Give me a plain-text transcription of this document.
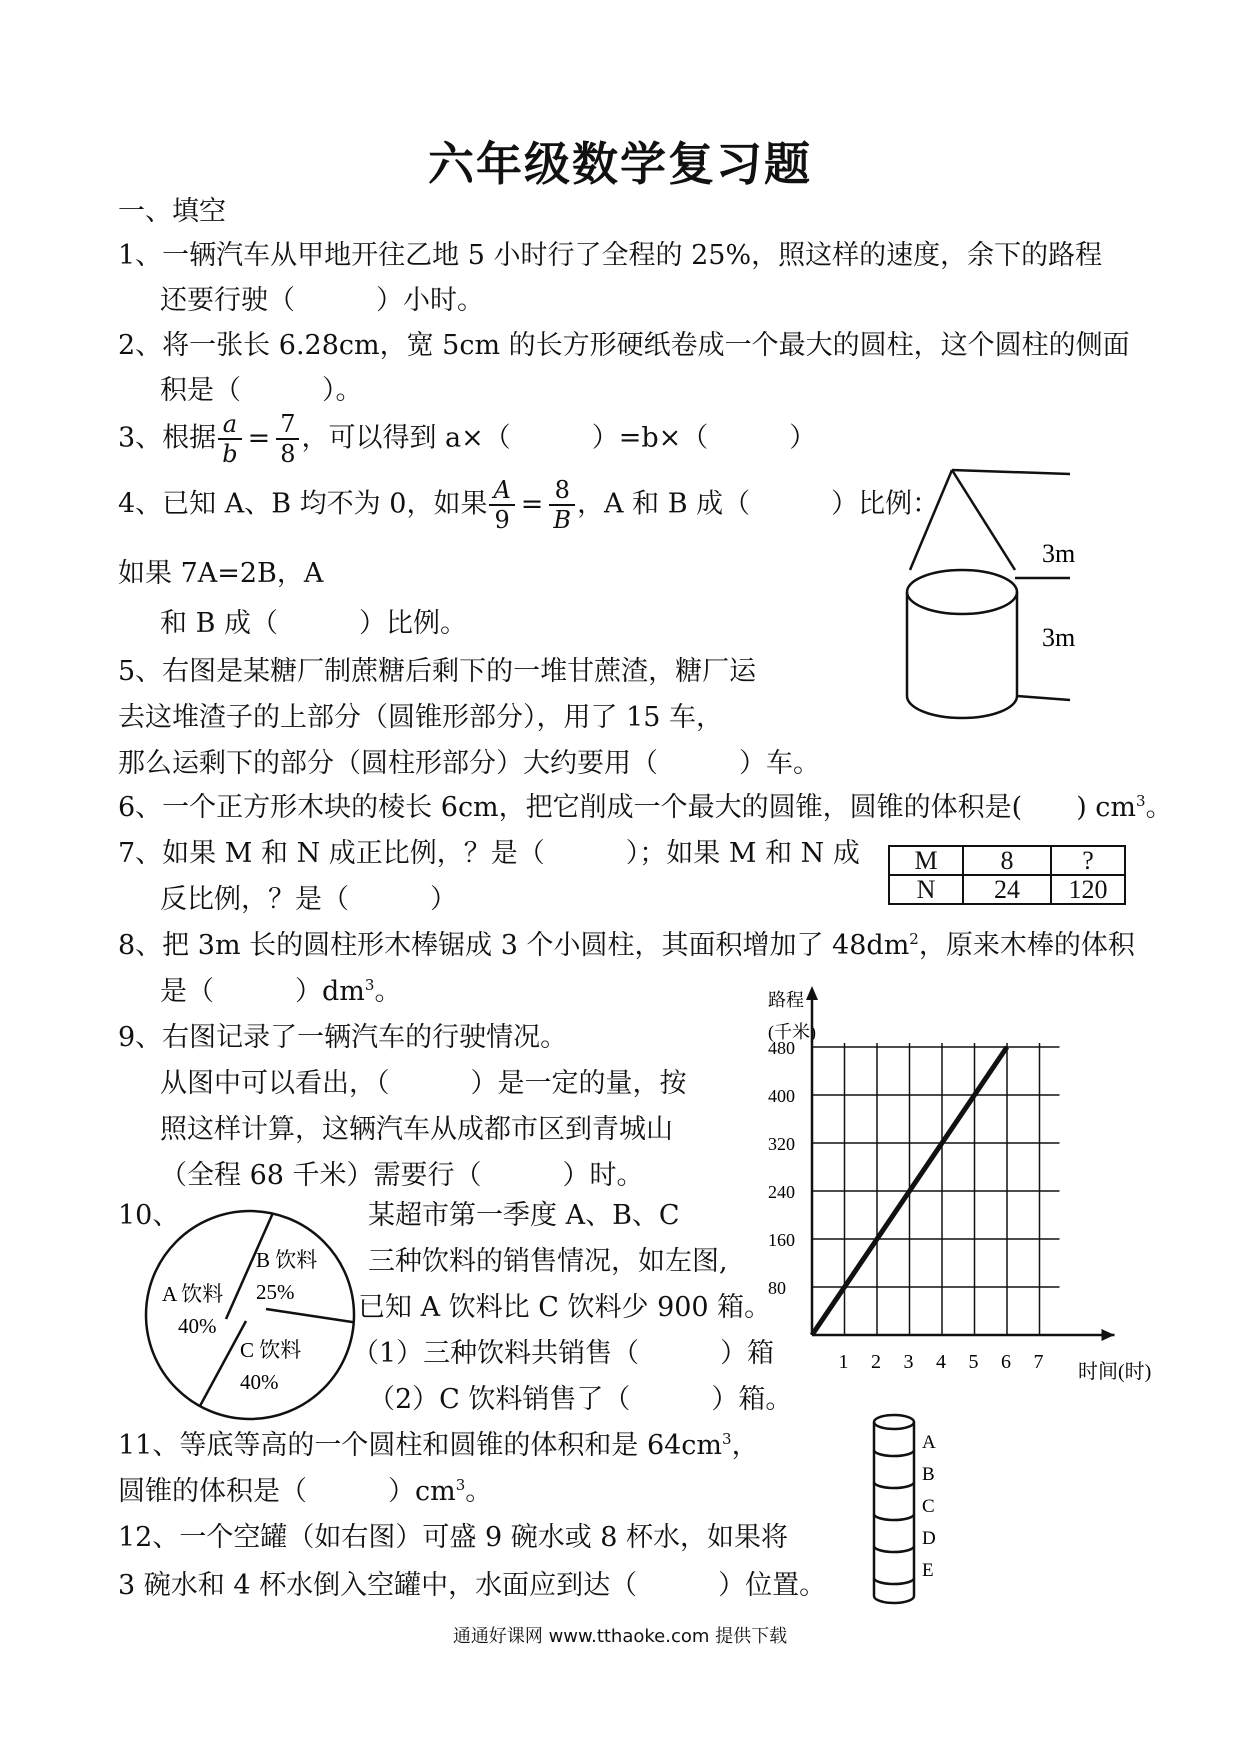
六年级数学复习题
一、填空
1、一辆汽车从甲地开往乙地 5 小时行了全程的 25%，照这样的速度，余下的路程
还要行驶（　　　）小时。
2、将一张长 6.28cm，宽 5cm 的长方形硬纸卷成一个最大的圆柱，这个圆柱的侧面
积是（　　　）。
3、根据 $\frac{a}{b} = \frac{7}{8}$ ，可以得到 a×（　　　）=b×（　　　）
4、已知 A、B 均不为 0，如果 $\frac{A}{9} = \frac{8}{B}$ ，A 和 B 成（　　　）比例：
如果 7A=2B，A
和 B 成（　　　）比例。
3m
3m
5、右图是某糖厂制蔗糖后剩下的一堆甘蔗渣，糖厂运
去这堆渣子的上部分（圆锥形部分），用了 15 车，
那么运剩下的部分（圆柱形部分）大约要用（　　　）车。
6、一个正方形木块的棱长 6cm，把它削成一个最大的圆锥，圆锥的体积是(　　) $cm^3$。
7、如果 M 和 N 成正比例，？是（　　　）；如果 M 和 N 成
反比例，？是（　　　）
M	8	?
N	24	120
8、把 3m 长的圆柱形木棒锯成 3 个小圆柱，其面积增加了 $48dm^2$，原来木棒的体积
是（　　　）$dm^3$。
9、右图记录了一辆汽车的行驶情况。
从图中可以看出，（　　　）是一定的量，按
照这样计算，这辆汽车从成都市区到青城山
（全程 68 千米）需要行（　　　）时。
路程
(千米)
时间(时)
1 2 3 4 5 6 7
80
160
240
320
400
480
10、	某超市第一季度 A、B、C
三种饮料的销售情况，如左图,
已知 A 饮料比 C 饮料少 900 箱。
（1）三种饮料共销售（　　　）箱
（2）C 饮料销售了（　　　）箱。
A 饮料
40%
B 饮料
25%
C 饮料
40%
11、等底等高的一个圆柱和圆锥的体积和是 $64cm^3$，
圆锥的体积是（　　　）$cm^3$。
12、一个空罐（如右图）可盛 9 碗水或 8 杯水，如果将
3 碗水和 4 杯水倒入空罐中，水面应到达（　　　）位置。
A
B
C
D
E
通通好课网 www.tthaoke.com 提供下载
